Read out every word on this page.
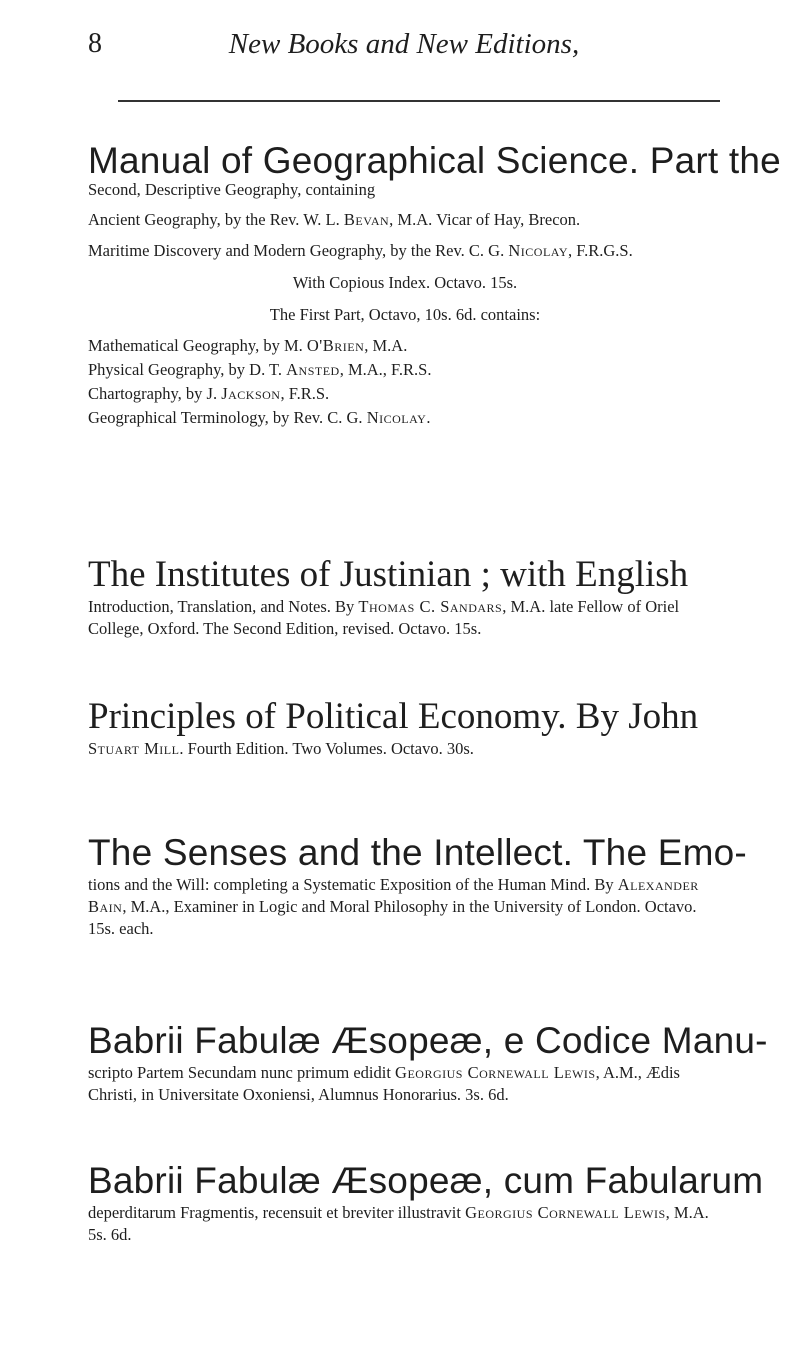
8	New Books and New Editions,
Manual of Geographical Science. Part the
Second, Descriptive Geography, containing

Ancient Geography, by the Rev. W. L. Bevan, M.A. Vicar of Hay, Brecon.

Maritime Discovery and Modern Geography, by the Rev. C. G. Nicolay, F.R.G.S.

With Copious Index. Octavo. 15s.
The First Part, Octavo, 10s. 6d. contains:

Mathematical Geography, by M. O'Brien, M.A.

Physical Geography, by D. T. Ansted, M.A., F.R.S.

Chartography, by J. Jackson, F.R.S.

Geographical Terminology, by Rev. C. G. Nicolay.

The Institutes of Justinian ; with English

Introduction, Translation, and Notes. By Thomas C. Sandars, M.A. late Fellow of Oriel College, Oxford. The Second Edition, revised. Octavo. 15s.

Principles of Political Economy. By John

Stuart Mill. Fourth Edition. Two Volumes. Octavo. 30s.

The Senses and the Intellect. The Emo-

tions and the Will: completing a Systematic Exposition of the Human Mind. By Alexander Bain, M.A., Examiner in Logic and Moral Philosophy in the University of London. Octavo. 15s. each.

Babrii Fabulæ Æsopeæ, e Codice Manu-

scripto Partem Secundam nunc primum edidit Georgius Cornewall Lewis, A.M., Ædis Christi, in Universitate Oxoniensi, Alumnus Honorarius. 3s. 6d.

Babrii Fabulæ Æsopeæ, cum Fabularum

deperditarum Fragmentis, recensuit et breviter illustravit Georgius Cornewall Lewis, M.A. 5s. 6d.
